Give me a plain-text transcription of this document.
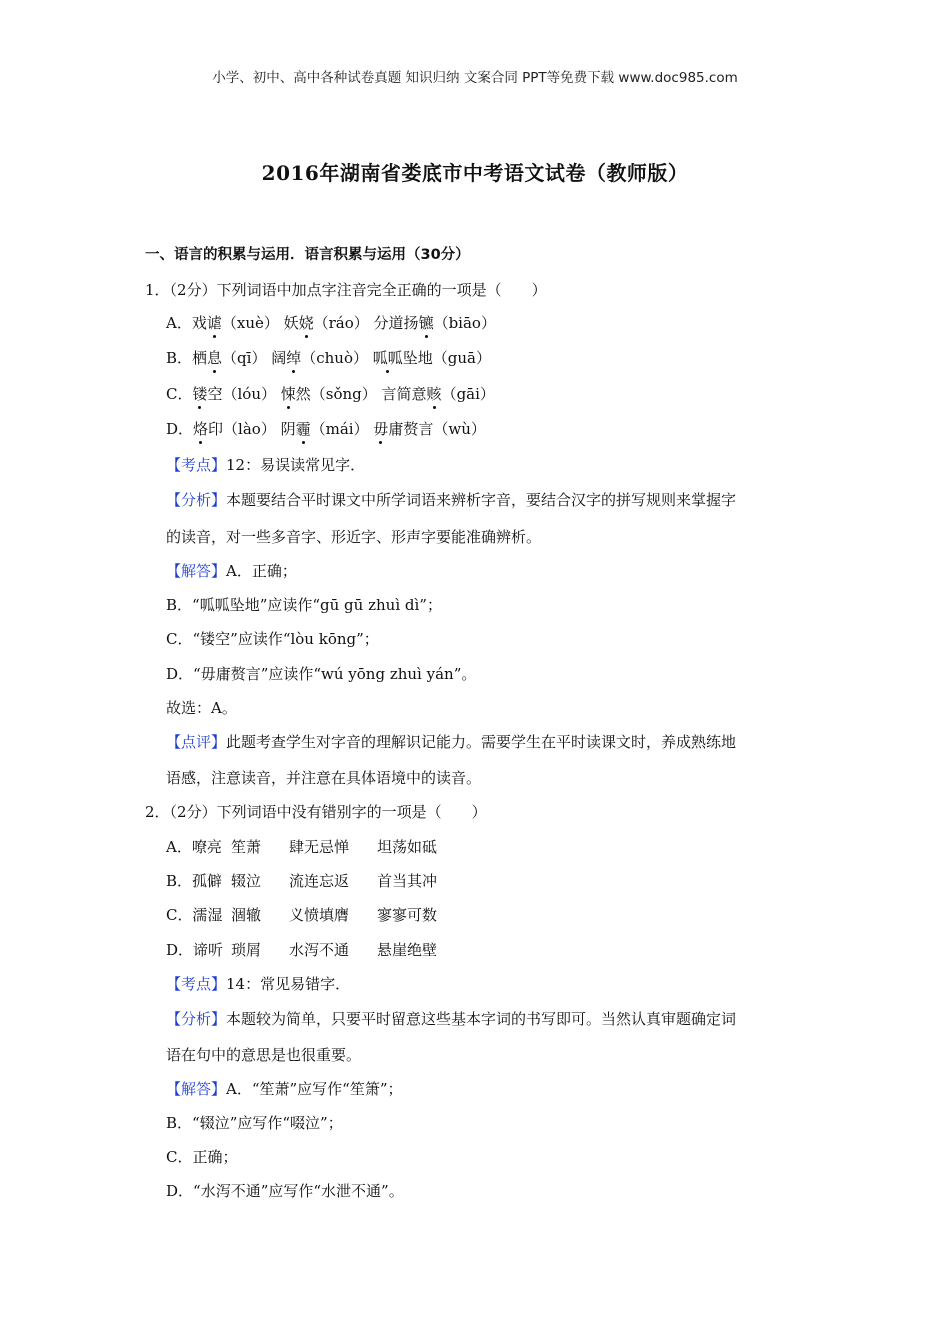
小学、初中、高中各种试卷真题 知识归纳 文案合同 PPT等免费下载 www.doc985.com
2016年湖南省娄底市中考语文试卷（教师版）
一、语言的积累与运用．语言积累与运用（30分）
1．（2分）下列词语中加点字注音完全正确的一项是（　　）
A．戏谑（xuè） 妖娆（ráo） 分道扬镳（biāo）
B．栖息（qī） 阔绰（chuò） 呱呱坠地（guā）
C．镂空（lóu） 悚然（sǒng） 言简意赅（gāi）
D．烙印（lào） 阴霾（mái） 毋庸赘言（wù）
【考点】12：易误读常见字．
【分析】本题要结合平时课文中所学词语来辨析字音，要结合汉字的拼写规则来掌握字
的读音，对一些多音字、形近字、形声字要能准确辨析。
【解答】A．正确；
B．“呱呱坠地”应读作“gū gū zhuì dì”；
C．“镂空”应读作“lòu kōng”；
D．“毋庸赘言”应读作“wú yōng zhuì yán”。
故选：A。
【点评】此题考查学生对字音的理解识记能力。需要学生在平时读课文时，养成熟练地
语感，注意读音，并注意在具体语境中的读音。
2．（2分）下列词语中没有错别字的一项是（　　）
A．嘹亮 笙萧 肆无忌惮 坦荡如砥
B．孤僻 辍泣 流连忘返 首当其冲
C．濡湿 涸辙 义愤填膺 寥寥可数
D．谛听 琐屑 水泻不通 悬崖绝壁
【考点】14：常见易错字．
【分析】本题较为简单，只要平时留意这些基本字词的书写即可。当然认真审题确定词
语在句中的意思是也很重要。
【解答】A．“笙萧”应写作“笙箫”；
B．“辍泣”应写作“啜泣”；
C．正确；
D．“水泻不通”应写作“水泄不通”。
